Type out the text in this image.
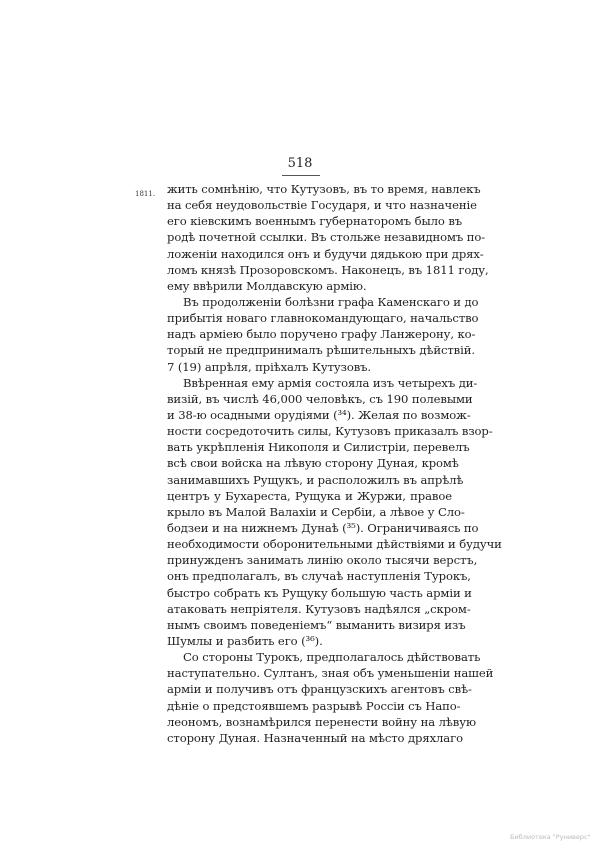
518
1811. жить сомнѣнію, что Кутузовъ, въ то время, навлекъ
на себя неудовольствіе Государя, и что назначеніе
его кіевскимъ военнымъ губернаторомъ было въ
родѣ почетной ссылки. Въ стольже незавидномъ по-
ложеніи находился онъ и будучи дядькою при дрях-
ломъ князѣ Прозоровскомъ. Наконецъ, въ 1811 году,
ему ввѣрили Молдавскую армію.
Въ продолженіи болѣзни графа Каменскаго и до
прибытія новаго главнокомандующаго, начальство
надъ арміею было поручено графу Ланжерону, ко-
торый не предпринималъ рѣшительныхъ дѣйствій.
7 (19) апрѣля, пріѣхалъ Кутузовъ.
Ввѣренная ему армія состояла изъ четырехъ ди-
визій, въ числѣ 46,000 человѣкъ, съ 190 полевыми
и 38-ю осадными орудіями (³⁴). Желая по возмож-
ности сосредоточить силы, Кутузовъ приказалъ взор-
вать укрѣпленія Никополя и Силистріи, перевелъ
всѣ свои войска на лѣвую сторону Дуная, кромѣ
занимавшихъ Рущукъ, и расположилъ въ апрѣлѣ
центръ у Бухареста, Рущука и Журжи, правое
крыло въ Малой Валахіи и Сербіи, а лѣвое у Сло-
бодзеи и на нижнемъ Дунаѣ (³⁵). Ограничиваясь по
необходимости оборонительными дѣйствіями и будучи
принужденъ занимать линію около тысячи верстъ,
онъ предполагалъ, въ случаѣ наступленія Турокъ,
быстро собрать къ Рущуку большую часть арміи и
атаковать непріятеля. Кутузовъ надѣялся „скром-
нымъ своимъ поведеніемъ“ выманить визиря изъ
Шумлы и разбить его (³⁶).
Со стороны Турокъ, предполагалось дѣйствовать
наступательно. Султанъ, зная объ уменьшеніи нашей
арміи и получивъ отъ французскихъ агентовъ свѣ-
дѣніе о предстоявшемъ разрывѣ Россіи съ Напо-
леономъ, вознамѣрился перенести войну на лѣвую
сторону Дуная. Назначенный на мѣсто дряхлаго
Библиотека "Руниверс"
